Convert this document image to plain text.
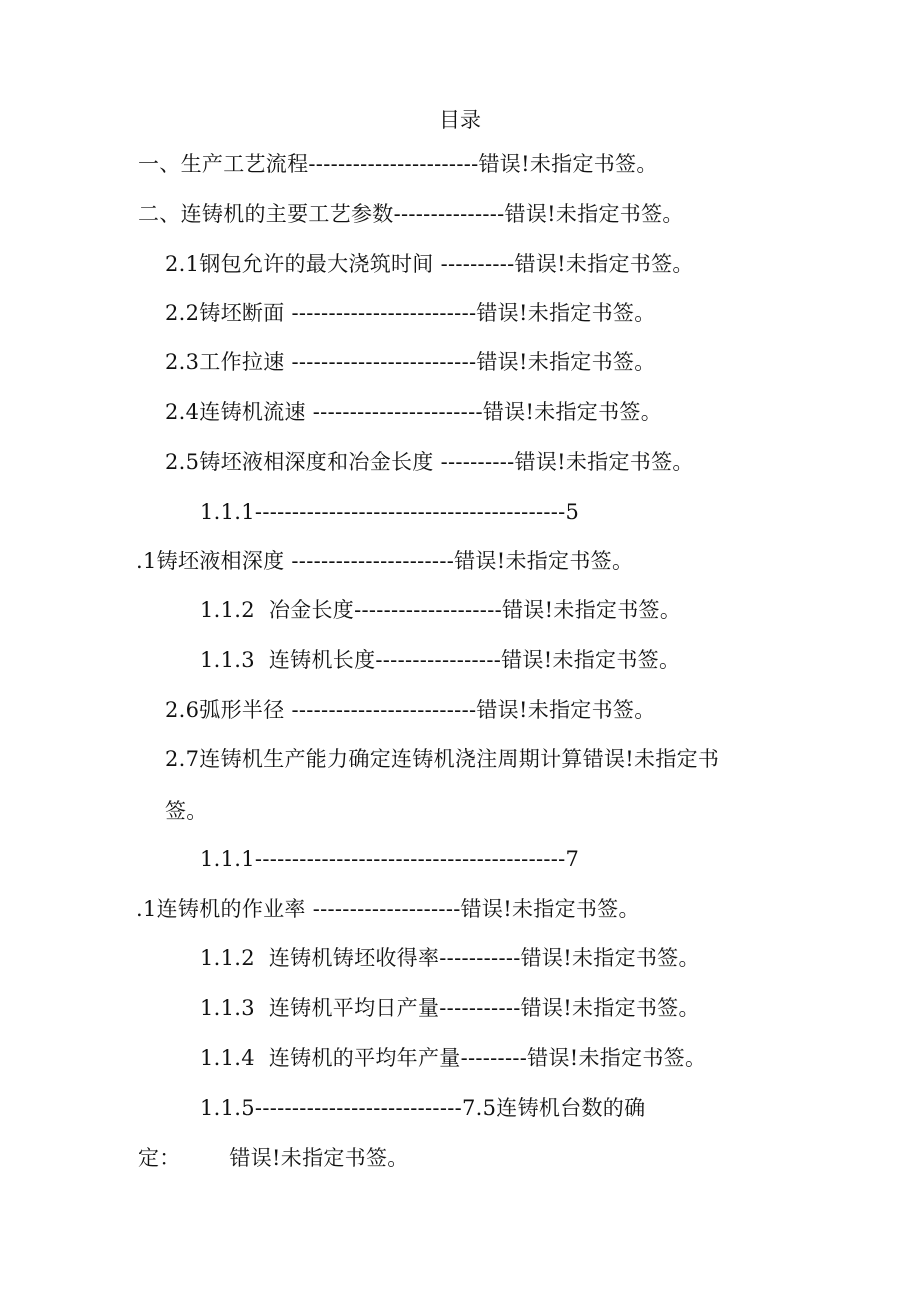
目录
一、生产工艺流程-----------------------错误!未指定书签。
二、连铸机的主要工艺参数---------------错误!未指定书签。
2.1钢包允许的最大浇筑时间 ----------错误!未指定书签。
2.2铸坯断面 -------------------------错误!未指定书签。
2.3工作拉速 -------------------------错误!未指定书签。
2.4连铸机流速 -----------------------错误!未指定书签。
2.5铸坯液相深度和冶金长度 ----------错误!未指定书签。
1.1.1------------------------------------------5
.1铸坯液相深度 ----------------------错误!未指定书签。
1.1.2  冶金长度--------------------错误!未指定书签。
1.1.3  连铸机长度-----------------错误!未指定书签。
2.6弧形半径 -------------------------错误!未指定书签。
2.7连铸机生产能力确定连铸机浇注周期计算错误!未指定书
签。
1.1.1------------------------------------------7
.1连铸机的作业率 --------------------错误!未指定书签。
1.1.2  连铸机铸坯收得率-----------错误!未指定书签。
1.1.3  连铸机平均日产量-----------错误!未指定书签。
1.1.4  连铸机的平均年产量---------错误!未指定书签。
1.1.5----------------------------7.5连铸机台数的确
定：       错误!未指定书签。
